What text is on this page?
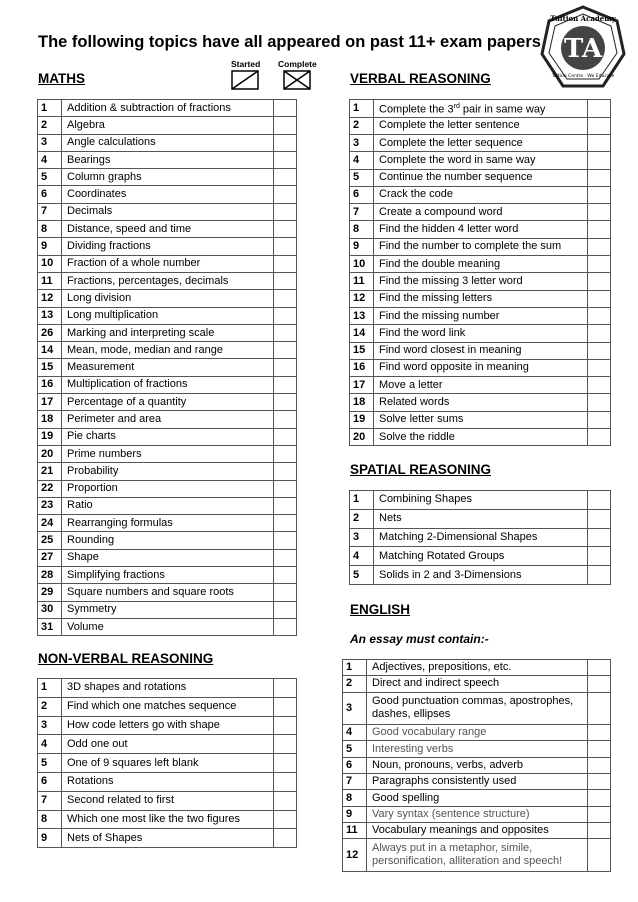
The following topics have all appeared on past 11+ exam papers
Started Complete	TA
Tuition Academy
Tuition Centre · We Educate
MATHS	VERBAL REASONING
NON-VERBAL REASONING
SPATIAL REASONING
ENGLISH
An essay must contain:-
1	Addition & subtraction of fractions	
2	Algebra	
3	Angle calculations	
4	Bearings	
5	Column graphs	
6	Coordinates	
7	Decimals	
8	Distance, speed and time	
9	Dividing fractions	
10	Fraction of a whole number	
11	Fractions, percentages, decimals	
12	Long division	
13	Long multiplication	
26	Marking and interpreting scale	
14	Mean, mode, median and range	
15	Measurement	
16	Multiplication of fractions	
17	Percentage of a quantity	
18	Perimeter and area	
19	Pie charts	
20	Prime numbers	
21	Probability	
22	Proportion	
23	Ratio	
24	Rearranging formulas	
25	Rounding	
27	Shape	
28	Simplifying fractions	
29	Square numbers and square roots	
30	Symmetry	
31	Volume	
1	3D shapes and rotations	
2	Find which one matches sequence	
3	How code letters go with shape	
4	Odd one out	
5	One of 9 squares left blank	
6	Rotations	
7	Second related to first	
8	Which one most like the two figures	
9	Nets of Shapes	
1	Complete the 3rd pair in same way	
2	Complete the letter sentence	
3	Complete the letter sequence	
4	Complete the word in same way	
5	Continue the number sequence	
6	Crack the code	
7	Create a compound word	
8	Find the hidden 4 letter word	
9	Find the number to complete the sum	
10	Find the double meaning	
11	Find the missing 3 letter word	
12	Find the missing letters	
13	Find the missing number	
14	Find the word link	
15	Find word closest in meaning	
16	Find word opposite in meaning	
17	Move a letter	
18	Related words	
19	Solve letter sums	
20	Solve the riddle	
1	Combining Shapes	
2	Nets	
3	Matching 2-Dimensional Shapes	
4	Matching Rotated Groups	
5	Solids in 2 and 3-Dimensions	
1	Adjectives, prepositions, etc.	
2	Direct and indirect speech	
3	Good punctuation commas, apostrophes, dashes, ellipses	
4	Good vocabulary range	
5	Interesting verbs	
6	Noun, pronouns, verbs, adverb	
7	Paragraphs consistently used	
8	Good spelling	
9	Vary syntax (sentence structure)	
11	Vocabulary meanings and opposites	
12	Always put in a metaphor, simile, personification, alliteration and speech!	
